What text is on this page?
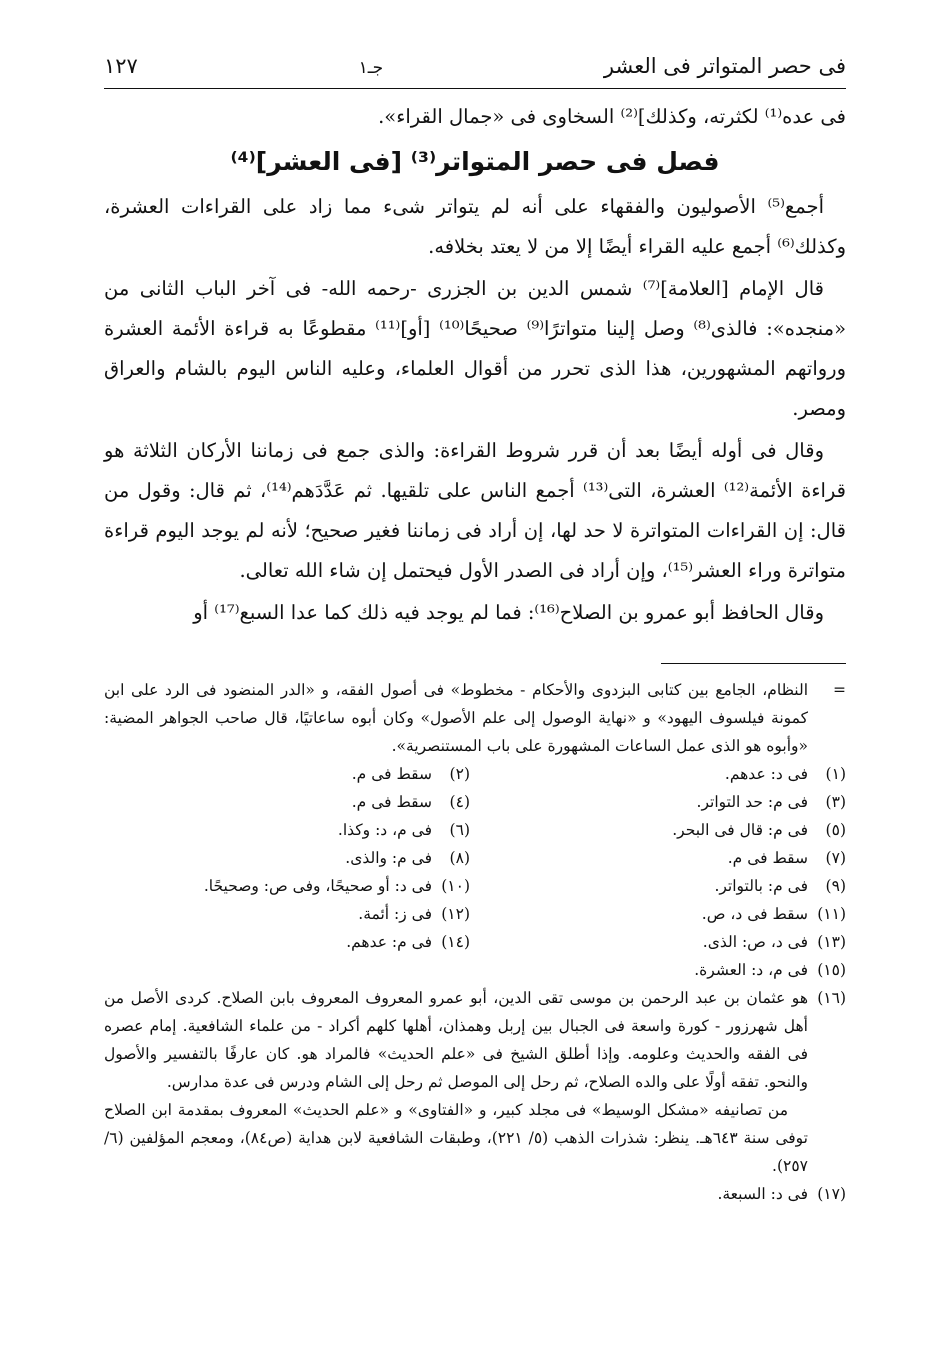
فى حصر المتواتر فى العشر
جـ١
١٢٧

فى عده⁽¹⁾ لكثرته، وكذلك]⁽²⁾ السخاوى فى «جمال القراء».

فصل فى حصر المتواتر⁽³⁾ [فى العشر]⁽⁴⁾

أجمع⁽⁵⁾ الأصوليون والفقهاء على أنه لم يتواتر شىء مما زاد على القراءات العشرة، وكذلك⁽⁶⁾ أجمع عليه القراء أيضًا إلا من لا يعتد بخلافه.

قال الإمام [العلامة]⁽⁷⁾ شمس الدين بن الجزرى -رحمه الله- فى آخر الباب الثانى من «منجده»: فالذى⁽⁸⁾ وصل إلينا متواترًا⁽⁹⁾ صحيحًا⁽¹⁰⁾ [أو]⁽¹¹⁾ مقطوعًا به قراءة الأئمة العشرة ورواتهم المشهورين، هذا الذى تحرر من أقوال العلماء، وعليه الناس اليوم بالشام والعراق ومصر.

وقال فى أوله أيضًا بعد أن قرر شروط القراءة: والذى جمع فى زماننا الأركان الثلاثة هو قراءة الأئمة⁽¹²⁾ العشرة، التى⁽¹³⁾ أجمع الناس على تلقيها. ثم عَدَّدَهم⁽¹⁴⁾، ثم قال: وقول من قال: إن القراءات المتواترة لا حد لها، إن أراد فى زماننا فغير صحيح؛ لأنه لم يوجد اليوم قراءة متواترة وراء العشر⁽¹⁵⁾، وإن أراد فى الصدر الأول فيحتمل إن شاء الله تعالى.

وقال الحافظ أبو عمرو بن الصلاح⁽¹⁶⁾: فما لم يوجد فيه ذلك كما عدا السبع⁽¹⁷⁾ أو

=
النظام، الجامع بين كتابى البزدوى والأحكام - مخطوط» فى أصول الفقه، و «الدر المنضود فى الرد على ابن كمونة فيلسوف اليهود» و «نهاية الوصول إلى علم الأصول» وكان أبوه ساعاتيًا، قال صاحب الجواهر المضية: «وأبوه هو الذى عمل الساعات المشهورة على باب المستنصرية».
(١)
فى د: عدهم.
(٢)
سقط فى م.
(٣)
فى م: حد التواتر.
(٤)
سقط فى م.
(٥)
فى م: قال فى البحر.
(٦)
فى م، د: وكذا.
(٧)
سقط فى م.
(٨)
فى م: والذى.
(٩)
فى م: بالتواتر.
(١٠)
فى د: أو صحيحًا، وفى ص: وصحيحًا.
(١١)
سقط فى د، ص.
(١٢)
فى ز: أئمة.
(١٣)
فى د، ص: الذى.
(١٤)
فى م: عدهم.
(١٥)
فى م، د: العشرة.
(١٦)

هو عثمان بن عبد الرحمن بن موسى تقى الدين، أبو عمرو المعروف المعروف بابن الصلاح. كردى الأصل من أهل شهرزور - كورة واسعة فى الجبال بين إربل وهمذان، أهلها كلهم أكراد - من علماء الشافعية. إمام عصره فى الفقه والحديث وعلومه. وإذا أطلق الشيخ فى «علم الحديث» فالمراد هو. كان عارفًا بالتفسير والأصول والنحو. تفقه أولًا على والده الصلاح، ثم رحل إلى الموصل ثم رحل إلى الشام ودرس فى عدة مدارس.

من تصانيفه «مشكل الوسيط» فى مجلد كبير، و «الفتاوى» و «علم الحديث» المعروف بمقدمة ابن الصلاح توفى سنة ٦٤٣هـ. ينظر: شذرات الذهب (٥/ ٢٢١)، وطبقات الشافعية لابن هداية (ص٨٤)، ومعجم المؤلفين (٦/ ٢٥٧).

(١٧)
فى د: السبعة.
